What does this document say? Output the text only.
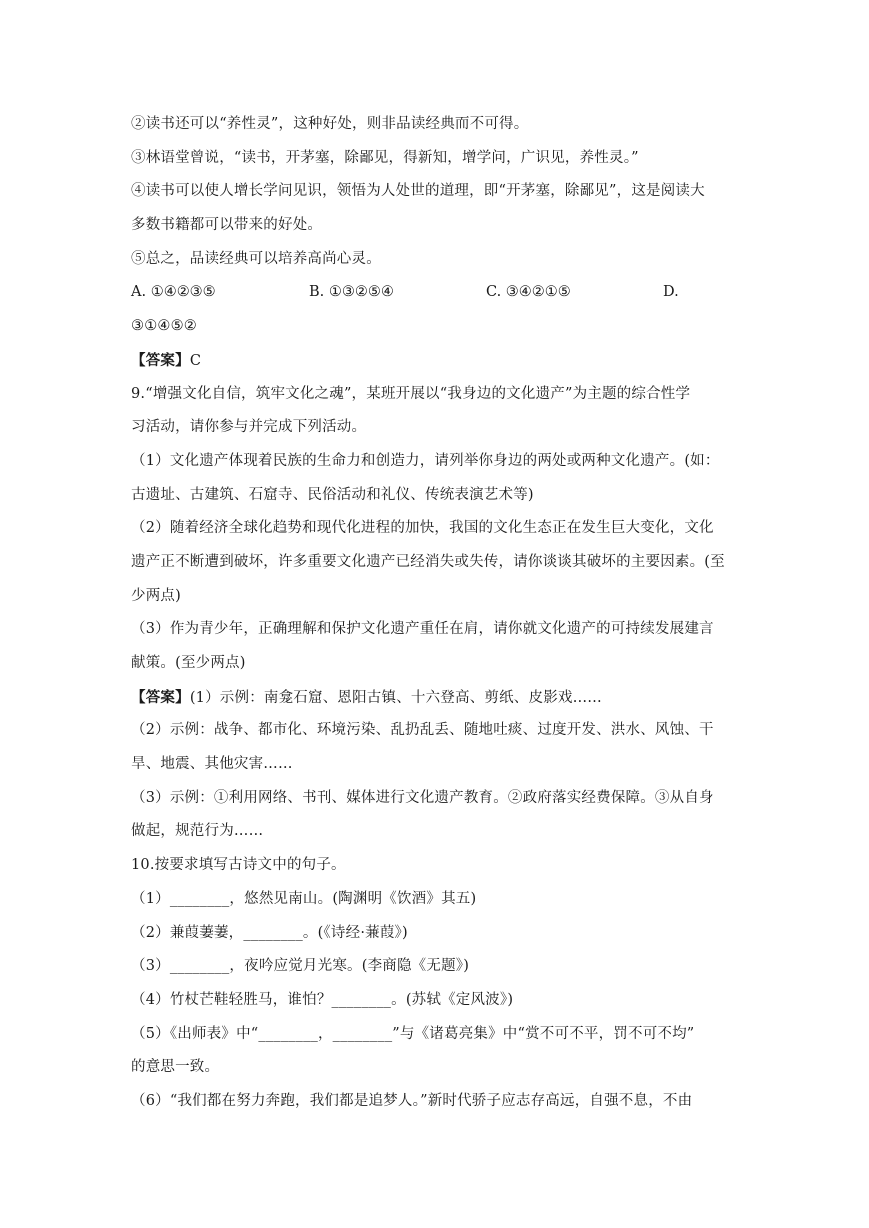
②读书还可以“养性灵”，这种好处，则非品读经典而不可得。
③林语堂曾说，“读书，开茅塞，除鄙见，得新知，增学问，广识见，养性灵。”
④读书可以使人增长学问见识，领悟为人处世的道理，即“开茅塞，除鄙见”，这是阅读大
多数书籍都可以带来的好处。
⑤总之，品读经典可以培养高尚心灵。
A. ①④②③⑤	B. ①③②⑤④	C. ③④②①⑤	D.
③①④⑤②
【答案】C
9.“增强文化自信，筑牢文化之魂”，某班开展以“我身边的文化遗产”为主题的综合性学
习活动，请你参与并完成下列活动。
（1）文化遗产体现着民族的生命力和创造力，请列举你身边的两处或两种文化遗产。(如：
古遗址、古建筑、石窟寺、民俗活动和礼仪、传统表演艺术等)
（2）随着经济全球化趋势和现代化进程的加快，我国的文化生态正在发生巨大变化，文化
遗产正不断遭到破坏，许多重要文化遗产已经消失或失传，请你谈谈其破坏的主要因素。(至
少两点)
（3）作为青少年，正确理解和保护文化遗产重任在肩，请你就文化遗产的可持续发展建言
献策。(至少两点)
【答案】(1）示例：南龛石窟、恩阳古镇、十六登高、剪纸、皮影戏……
（2）示例：战争、都市化、环境污染、乱扔乱丢、随地吐痰、过度开发、洪水、风蚀、干
旱、地震、其他灾害……
（3）示例：①利用网络、书刊、媒体进行文化遗产教育。②政府落实经费保障。③从自身
做起，规范行为……
10.按要求填写古诗文中的句子。
（1）________，悠然见南山。(陶渊明《饮酒》其五)
（2）兼葭萋萋，________。(《诗经·蒹葭》)
（3）________，夜吟应觉月光寒。(李商隐《无题》)
（4）竹杖芒鞋轻胜马，谁怕？________。(苏轼《定风波》)
（5）《出师表》中“________，________”与《诸葛亮集》中“赏不可不平，罚不可不均”
的意思一致。
（6）“我们都在努力奔跑，我们都是追梦人。”新时代骄子应志存高远，自强不息，不由
